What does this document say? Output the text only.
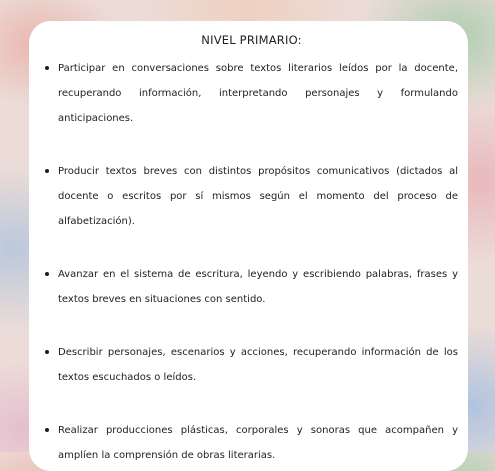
NIVEL PRIMARIO:
Participar en conversaciones sobre textos literarios leídos por la docente, recuperando información, interpretando personajes y formulando anticipaciones.
Producir textos breves con distintos propósitos comunicativos (dictados al docente o escritos por sí mismos según el momento del proceso de alfabetización).
Avanzar en el sistema de escritura, leyendo y escribiendo palabras, frases y textos breves en situaciones con sentido.
Describir personajes, escenarios y acciones, recuperando información de los textos escuchados o leídos.
Realizar producciones plásticas, corporales y sonoras que acompañen y amplíen la comprensión de obras literarias.
